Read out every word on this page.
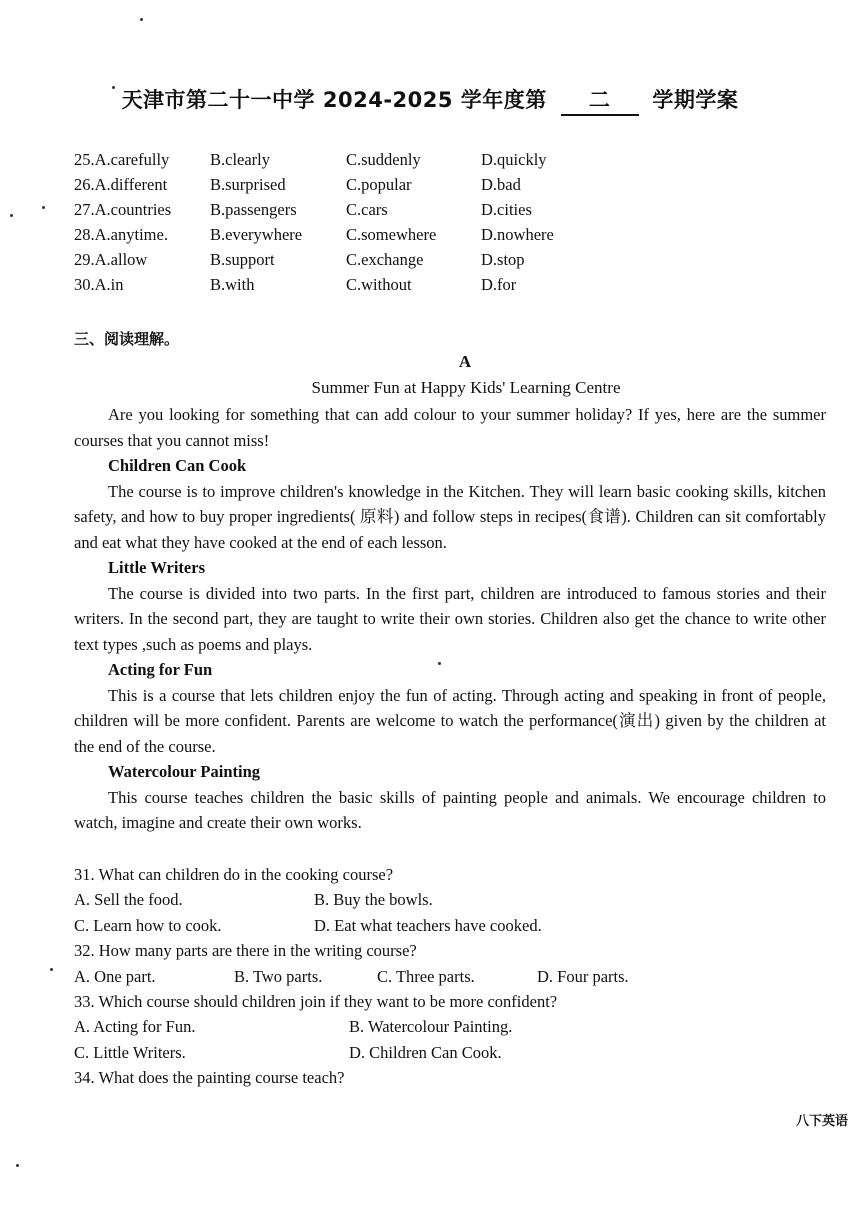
天津市第二十一中学 2024-2025 学年度第 二 学期学案
25.A.carefully	B.clearly	C.suddenly	D.quickly
26.A.different	B.surprised	C.popular	D.bad
27.A.countries	B.passengers	C.cars	D.cities
28.A.anytime.	B.everywhere	C.somewhere	D.nowhere
29.A.allow	B.support	C.exchange	D.stop
30.A.in	B.with	C.without	D.for
三、阅读理解。
A
Summer Fun at Happy Kids' Learning Centre

Are you looking for something that can add colour to your summer holiday? If yes, here are the summer courses that you cannot miss!

Children Can Cook

The course is to improve children's knowledge in the Kitchen. They will learn basic cooking skills, kitchen safety, and how to buy proper ingredients( 原料) and follow steps in recipes(食谱). Children can sit comfortably and eat what they have cooked at the end of each lesson.

Little Writers

The course is divided into two parts. In the first part, children are introduced to famous stories and their writers. In the second part, they are taught to write their own stories. Children also get the chance to write other text types ,such as poems and plays.

Acting for Fun

This is a course that lets children enjoy the fun of acting. Through acting and speaking in front of people, children will be more confident. Parents are welcome to watch the performance(演出) given by the children at the end of the course.

Watercolour Painting

This course teaches children the basic skills of painting people and animals. We encourage children to watch, imagine and create their own works.

31. What can children do in the cooking course?

A. Sell the food.	B. Buy the bowls.
C. Learn how to cook.	D. Eat what teachers have cooked.

32. How many parts are there in the writing course?

A. One part.	B. Two parts.	C. Three parts.	D. Four parts.

33. Which course should children join if they want to be more confident?

A. Acting for Fun.	B. Watercolour Painting.
C. Little Writers.	D. Children Can Cook.

34. What does the painting course teach?

八下英语
